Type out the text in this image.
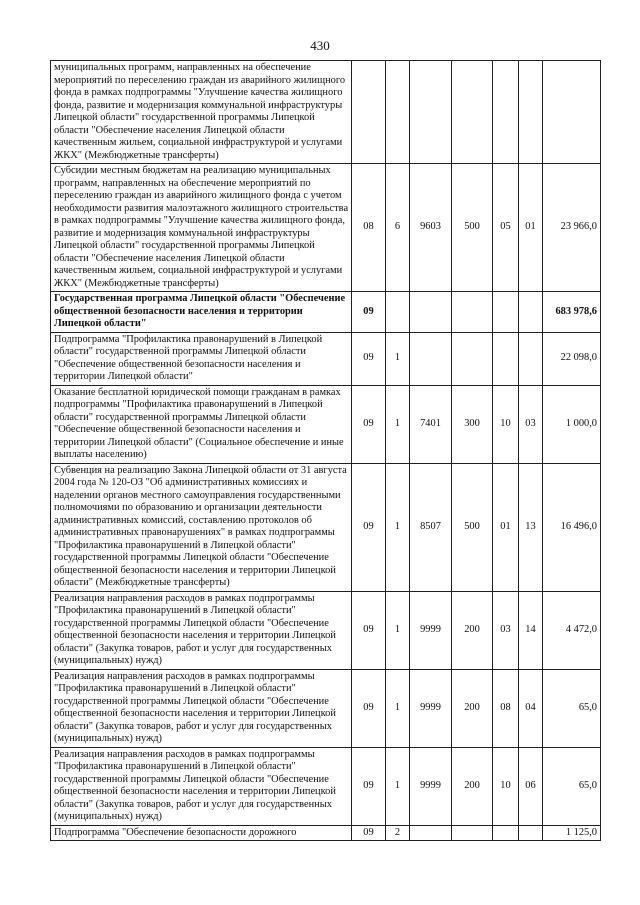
430
муниципальных программ, направленных на обеспечение мероприятий по переселению граждан из аварийного жилищного фонда в рамках подпрограммы "Улучшение качества жилищного фонда, развитие и модернизация коммунальной инфраструктуры Липецкой области" государственной программы Липецкой области "Обеспечение населения Липецкой области качественным жильем, социальной инфраструктурой и услугами ЖКХ" (Межбюджетные трансферты)							
Субсидии местным бюджетам на реализацию муниципальных программ, направленных на обеспечение мероприятий по переселению граждан из аварийного жилищного фонда с учетом необходимости развития малоэтажного жилищного строительства в рамках подпрограммы "Улучшение качества жилищного фонда, развитие и модернизация коммунальной инфраструктуры Липецкой области" государственной программы Липецкой области "Обеспечение населения Липецкой области качественным жильем, социальной инфраструктурой и услугами ЖКХ" (Межбюджетные трансферты)	08	6	9603	500	05	01	23 966,0
Государственная программа Липецкой области "Обеспечение общественной безопасности населения и территории Липецкой области"	09						683 978,6
Подпрограмма "Профилактика правонарушений в Липецкой области" государственной программы Липецкой области "Обеспечение общественной безопасности населения и территории Липецкой области"	09	1					22 098,0
Оказание бесплатной юридической помощи гражданам в рамках подпрограммы "Профилактика правонарушений в Липецкой области" государственной программы Липецкой области "Обеспечение общественной безопасности населения и территории Липецкой области" (Социальное обеспечение и иные выплаты населению)	09	1	7401	300	10	03	1 000,0
Субвенция на реализацию Закона Липецкой области от 31 августа 2004 года № 120-ОЗ "Об административных комиссиях и наделении органов местного самоуправления государственными полномочиями по образованию и организации деятельности административных комиссий, составлению протоколов об административных правонарушениях" в рамках подпрограммы "Профилактика правонарушений в Липецкой области" государственной программы Липецкой области "Обеспечение общественной безопасности населения и территории Липецкой области" (Межбюджетные трансферты)	09	1	8507	500	01	13	16 496,0
Реализация направления расходов в рамках подпрограммы "Профилактика правонарушений в Липецкой области" государственной программы Липецкой области "Обеспечение общественной безопасности населения и территории Липецкой области" (Закупка товаров, работ и услуг для государственных (муниципальных) нужд)	09	1	9999	200	03	14	4 472,0
Реализация направления расходов в рамках подпрограммы "Профилактика правонарушений в Липецкой области" государственной программы Липецкой области "Обеспечение общественной безопасности населения и территории Липецкой области" (Закупка товаров, работ и услуг для государственных (муниципальных) нужд)	09	1	9999	200	08	04	65,0
Реализация направления расходов в рамках подпрограммы "Профилактика правонарушений в Липецкой области" государственной программы Липецкой области "Обеспечение общественной безопасности населения и территории Липецкой области" (Закупка товаров, работ и услуг для государственных (муниципальных) нужд)	09	1	9999	200	10	06	65,0
Подпрограмма "Обеспечение безопасности дорожного	09	2					1 125,0
